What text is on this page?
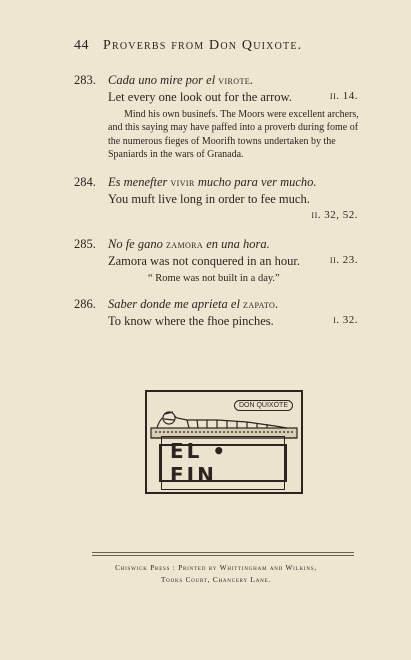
44 Proverbs from Don Quixote.
283. Cada uno mire por el virote.
Let every one look out for the arrow.	ii. 14.
Mind his own businefs. The Moors were excellent archers, and this saying may have paffed into a proverb during fome of the numerous fieges of Moorifh towns undertaken by the Spaniards in the wars of Granada.
284. Es menefter vivir mucho para ver mucho.
You muft live long in order to fee much.
ii. 32, 52.
285. No fe gano zamora en una hora.
Zamora was not conquered in an hour.	ii. 23.
“ Rome was not built in a day.”
286. Saber donde me aprieta el zapato.
To know where the fhoe pinches.	i. 32.
DON QUIXOTE
EL • FIN
Chiswick Press : Printed by Whittingham and Wilkins,
Tooks Court, Chancery Lane.
